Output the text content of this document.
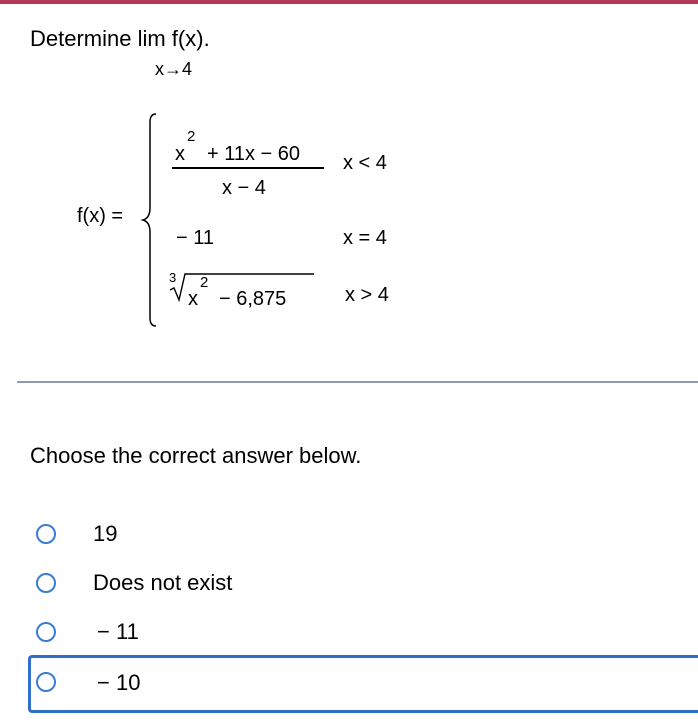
Determine lim f(x).
x→4
f(x) =
x
2
+ 11x − 60
x − 4
x < 4
− 11	x = 4
3
x
2
− 6,875	x > 4
Choose the correct answer below.
19
Does not exist
− 11
− 10
